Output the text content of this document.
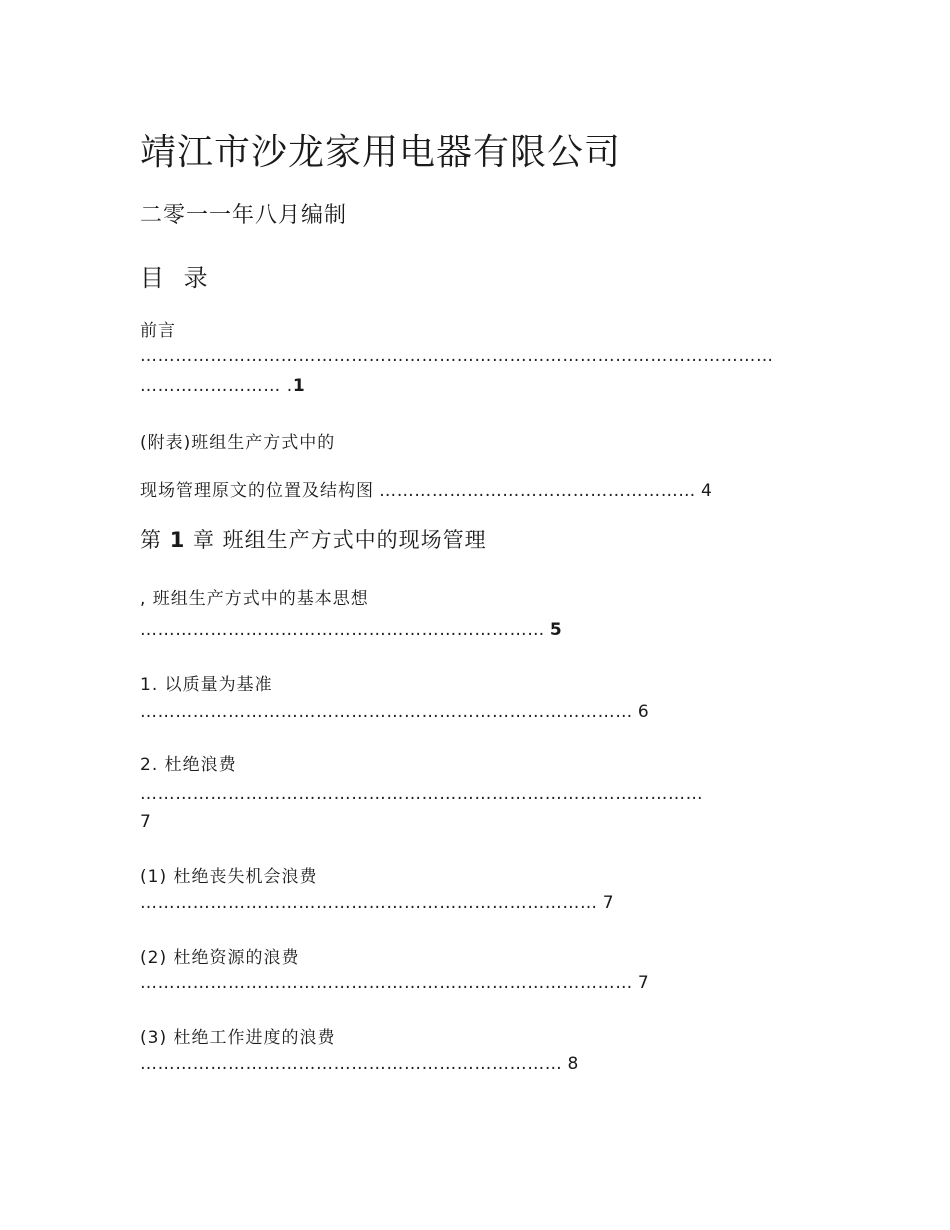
靖江市沙龙家用电器有限公司
二零一一年八月编制
目 录
前言
………………………………………………………………………………………………
…………………… .1
(附表)班组生产方式中的
现场管理原文的位置及结构图 ……………………………………………… 4
第 1 章 班组生产方式中的现场管理
, 班组生产方式中的基本思想
…………………………………………………………… 5
1. 以质量为基准
………………………………………………………………………… 6
2. 杜绝浪费
……………………………………………………………………………………
7
(1) 杜绝丧失机会浪费
…………………………………………………………………… 7
(2) 杜绝资源的浪费
………………………………………………………………………… 7
(3) 杜绝工作进度的浪费
……………………………………………………………… 8
